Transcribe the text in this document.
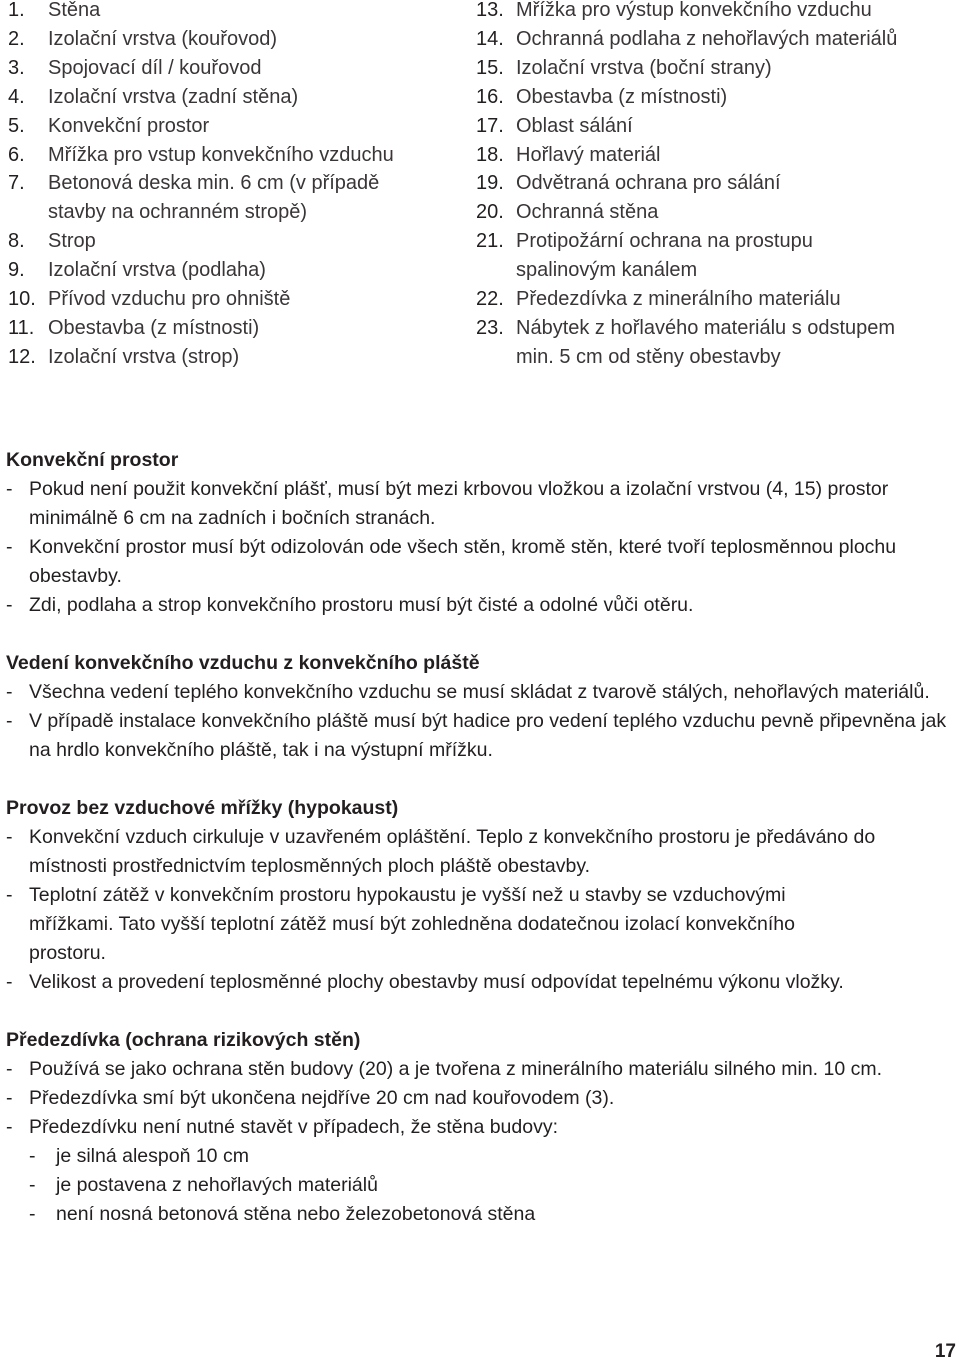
1.	Stěna
2.	Izolační vrstva (kouřovod)
3.	Spojovací díl / kouřovod
4.	Izolační vrstva (zadní stěna)
5.	Konvekční prostor
6.	Mřížka pro vstup konvekčního vzduchu
7.	Betonová deska min. 6 cm (v případě stavby na ochranném stropě)
8.	Strop
9.	Izolační vrstva (podlaha)
10. Přívod vzduchu pro ohniště
11. Obestavba (z místnosti)
12. Izolační vrstva (strop)
13. Mřížka pro výstup konvekčního vzduchu
14. Ochranná podlaha z nehořlavých materiálů
15. Izolační vrstva (boční strany)
16. Obestavba (z místnosti)
17. Oblast sálání
18. Hořlavý materiál
19. Odvětraná ochrana pro sálání
20. Ochranná stěna
21. Protipožární ochrana na prostupu spalinovým kanálem
22. Předezdívka z minerálního materiálu
23. Nábytek z hořlavého materiálu s odstupem min. 5 cm od stěny obestavby
Konvekční prostor
- Pokud není použit konvekční plášť, musí být mezi krbovou vložkou a izolační vrstvou (4, 15) prostor minimálně 6 cm na zadních i bočních stranách.
- Konvekční prostor musí být odizolován ode všech stěn, kromě stěn, které tvoří teplosměnnou plochu obestavby.
- Zdi, podlaha a strop konvekčního prostoru musí být čisté a odolné vůči otěru.
Vedení konvekčního vzduchu z konvekčního pláště
- Všechna vedení teplého konvekčního vzduchu se musí skládat z tvarově stálých, nehořlavých materiálů.
- V případě instalace konvekčního pláště musí být hadice pro vedení teplého vzduchu pevně připevněna jak na hrdlo konvekčního pláště, tak i na výstupní mřížku.
Provoz bez vzduchové mřížky (hypokaust)
- Konvekční vzduch cirkuluje v uzavřeném opláštění. Teplo z konvekčního prostoru je předáváno do místnosti prostřednictvím teplosměnných ploch pláště obestavby.
- Teplotní zátěž v konvekčním prostoru hypokaustu je vyšší než u stavby se vzduchovými mřížkami. Tato vyšší teplotní zátěž musí být zohledněna dodatečnou izolací konvekčního prostoru.
- Velikost a provedení teplosměnné plochy obestavby musí odpovídat tepelnému výkonu vložky.
Předezdívka (ochrana rizikových stěn)
- Používá se jako ochrana stěn budovy (20) a je tvořena z minerálního materiálu silného min. 10 cm.
- Předezdívka smí být ukončena nejdříve 20 cm nad kouřovodem (3).
- Předezdívku není nutné stavět v případech, že stěna budovy:
-	je silná alespoň 10 cm
-	je postavena z nehořlavých materiálů
-	není nosná betonová stěna nebo železobetonová stěna
17
